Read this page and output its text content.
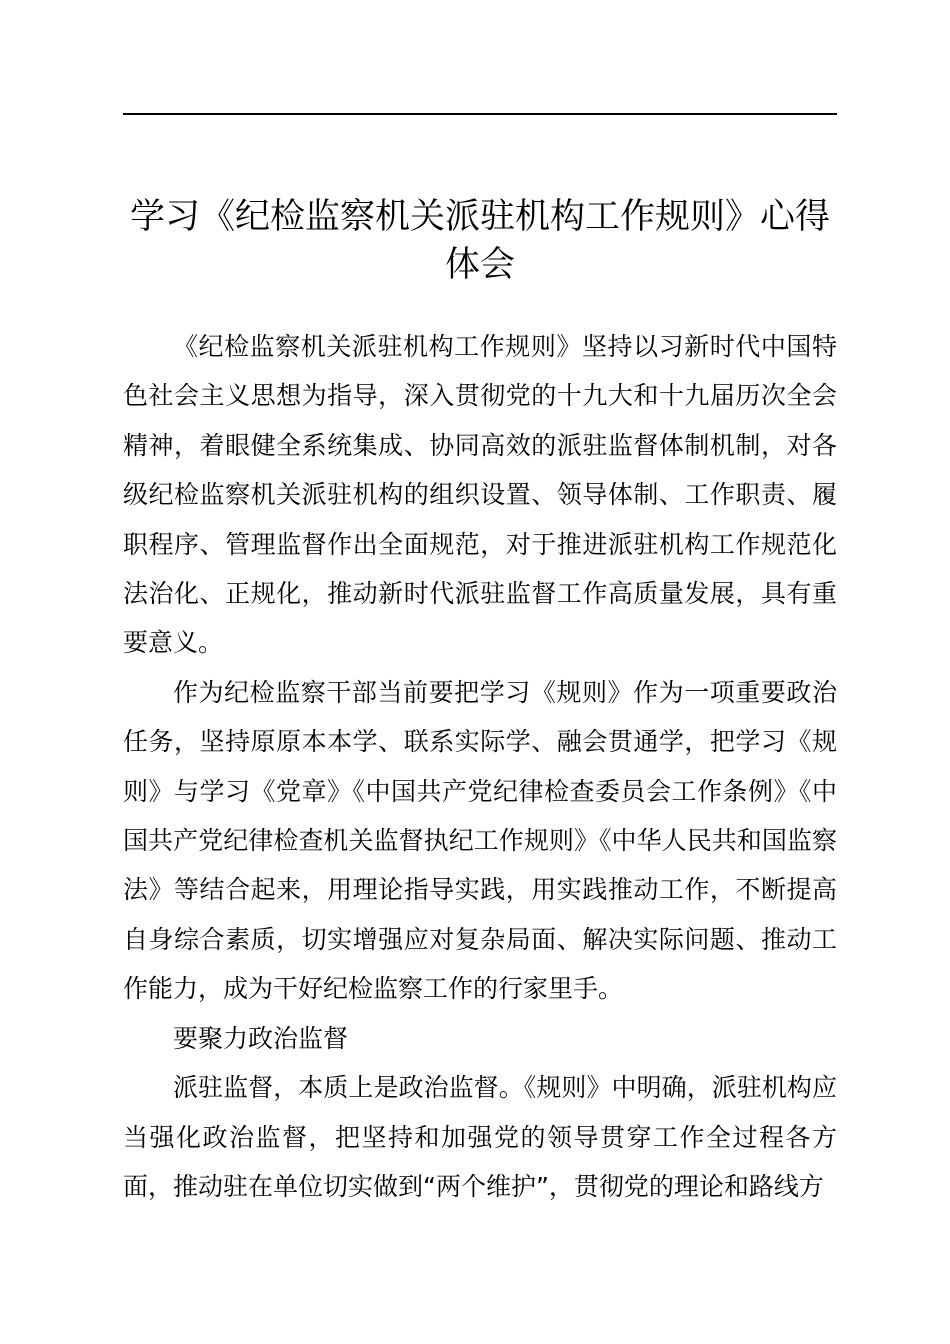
学习《纪检监察机关派驻机构工作规则》心得体会

《纪检监察机关派驻机构工作规则》坚持以习新时代中国特色社会主义思想为指导，深入贯彻党的十九大和十九届历次全会精神，着眼健全系统集成、协同高效的派驻监督体制机制，对各级纪检监察机关派驻机构的组织设置、领导体制、工作职责、履职程序、管理监督作出全面规范，对于推进派驻机构工作规范化法治化、正规化，推动新时代派驻监督工作高质量发展，具有重要意义。

作为纪检监察干部当前要把学习《规则》作为一项重要政治任务，坚持原原本本学、联系实际学、融会贯通学，把学习《规则》与学习《党章》《中国共产党纪律检查委员会工作条例》《中国共产党纪律检查机关监督执纪工作规则》《中华人民共和国监察法》等结合起来，用理论指导实践，用实践推动工作，不断提高自身综合素质，切实增强应对复杂局面、解决实际问题、推动工作能力，成为干好纪检监察工作的行家里手。

要聚力政治监督

派驻监督，本质上是政治监督。《规则》中明确，派驻机构应当强化政治监督，把坚持和加强党的领导贯穿工作全过程各方面，推动驻在单位切实做到“两个维护”，贯彻党的理论和路线方
